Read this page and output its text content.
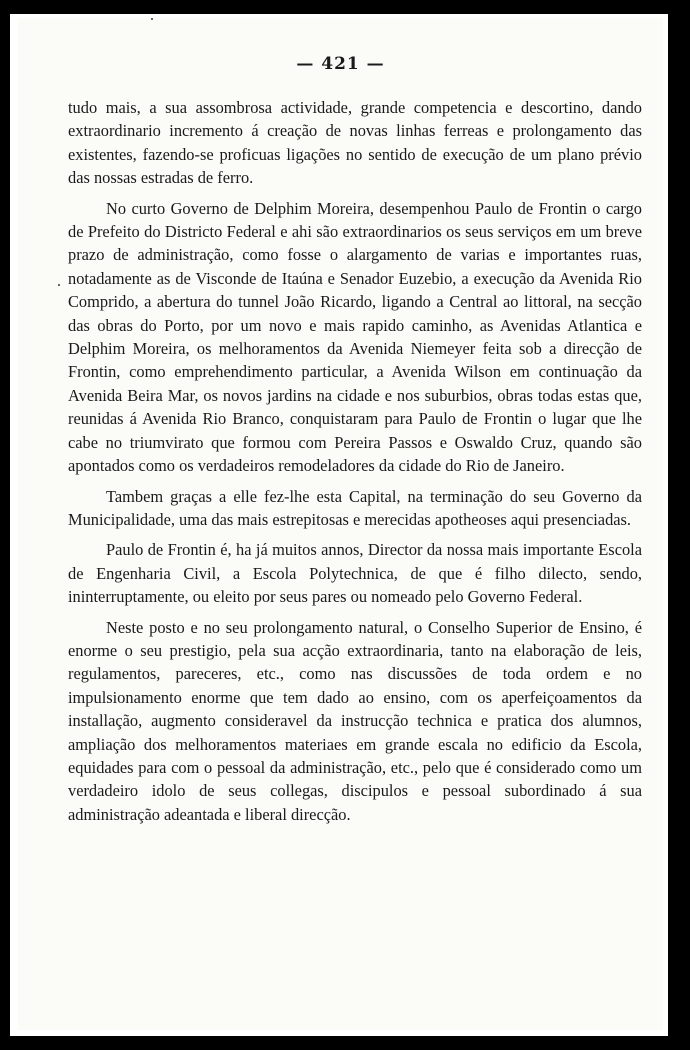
— 421 —

tudo mais, a sua assombrosa actividade, grande competencia e descortino, dando extraordinario incremento á creação de novas linhas ferreas e prolongamento das existentes, fazendo-se proficuas ligações no sentido de execução de um plano prévio das nossas estradas de ferro.

No curto Governo de Delphim Moreira, desempenhou Paulo de Frontin o cargo de Prefeito do Districto Federal e ahi são extraordinarios os seus serviços em um breve prazo de administração, como fosse o alargamento de varias e importantes ruas, notadamente as de Visconde de Itaúna e Senador Euzebio, a execução da Avenida Rio Comprido, a abertura do tunnel João Ricardo, ligando a Central ao littoral, na secção das obras do Porto, por um novo e mais rapido caminho, as Avenidas Atlantica e Delphim Moreira, os melhoramentos da Avenida Niemeyer feita sob a direcção de Frontin, como emprehendimento particular, a Avenida Wilson em continuação da Avenida Beira Mar, os novos jardins na cidade e nos suburbios, obras todas estas que, reunidas á Avenida Rio Branco, conquistaram para Paulo de Frontin o lugar que lhe cabe no triumvirato que formou com Pereira Passos e Oswaldo Cruz, quando são apontados como os verdadeiros remodeladores da cidade do Rio de Janeiro.

Tambem graças a elle fez-lhe esta Capital, na terminação do seu Governo da Municipalidade, uma das mais estrepitosas e merecidas apotheoses aqui presenciadas.

Paulo de Frontin é, ha já muitos annos, Director da nossa mais importante Escola de Engenharia Civil, a Escola Polytechnica, de que é filho dilecto, sendo, ininterruptamente, ou eleito por seus pares ou nomeado pelo Governo Federal.

Neste posto e no seu prolongamento natural, o Conselho Superior de Ensino, é enorme o seu prestigio, pela sua acção extraordinaria, tanto na elaboração de leis, regulamentos, pareceres, etc., como nas discussões de toda ordem e no impulsionamento enorme que tem dado ao ensino, com os aperfeiçoamentos da installação, augmento consideravel da instrucção technica e pratica dos alumnos, ampliação dos melhoramentos materiaes em grande escala no edificio da Escola, equidades para com o pessoal da administração, etc., pelo que é considerado como um verdadeiro idolo de seus collegas, discipulos e pessoal subordinado á sua administração adeantada e liberal direcção.
